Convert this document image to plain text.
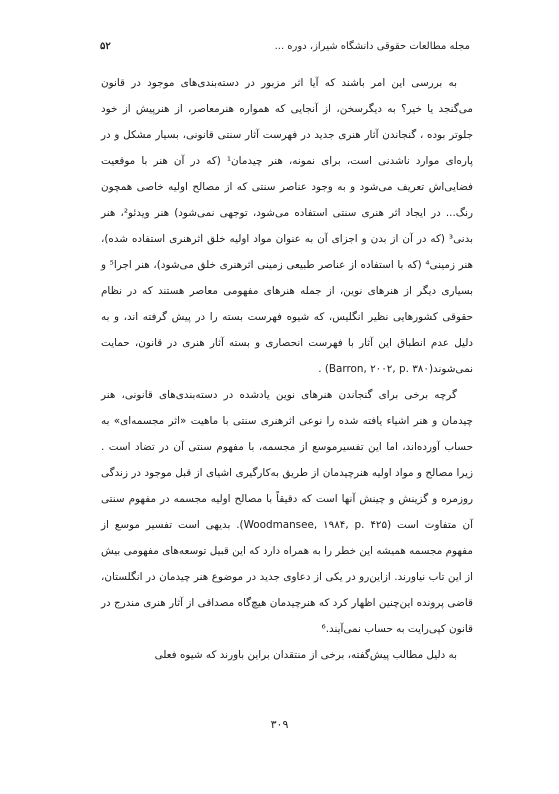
۵۲	مجله مطالعات حقوقی دانشگاه شیراز، دوره ...

به بررسی این امر باشند که آیا اثر مزبور در دسته‌بندی‌های موجود در قانون می‌گنجد یا خیر؟ به دیگرسخن، از آنجایی که همواره هنرمعاصر، از هنرپیش از خود جلوتر بوده ، گنجاندن آثار هنری جدید در فهرست آثار سنتی قانونی، بسیار مشکل و در پاره‌ای موارد ناشدنی است، برای نمونه، هنر چیدمان¹ (که در آن هنر با موقعیت فضایی‌اش تعریف می‌شود و به وجود عناصر سنتی که از مصالح اولیه خاصی همچون رنگ... در ایجاد اثر هنری سنتی استفاده می‌شود، توجهی نمی‌شود) هنر ویدئو²، هنر بدنی³ (که در آن از بدن و اجزای آن به عنوان مواد اولیه خلق اثرهنری استفاده شده)، هنر زمینی⁴ (که با استفاده از عناصر طبیعی زمینی اثرهنری خلق می‌شود)، هنر اجرا⁵ و بسیاری دیگر از هنرهای نوین، از جمله هنرهای مفهومی معاصر هستند که در نظام حقوقی کشورهایی نظیر انگلیس، که شیوه فهرست بسته را در پیش گرفته اند، و به دلیل عدم انطباق این آثار با فهرست انحصاری و بسته آثار هنری در قانون، حمایت نمی‌شوند(Barron, ۲۰۰۲, p. ۳۸۰) .

گرچه برخی برای گنجاندن هنرهای نوین یادشده در دسته‌بندی‌های قانونی، هنر چیدمان و هنر اشیاء یافته شده را نوعی اثرهنری سنتی با ماهیت «اثر مجسمه‌ای» به حساب آورده‌اند، اما این تفسیرموسع از مجسمه، با مفهوم سنتی آن در تضاد است . زیرا مصالح و مواد اولیه هنرچیدمان از طریق به‌کارگیری اشیای از قبل موجود در زندگی روزمره و گزینش و چینش آنها است که دقیقاً با مصالح اولیه مجسمه در مفهوم سنتی آن متفاوت است (Woodmansee, ۱۹۸۴, p. ۴۲۵). بدیهی است تفسیر موسع از مفهوم مجسمه همیشه این خطر را به همراه دارد که این قبیل توسعه‌های مفهومی بیش از این تاب نیاورند. ازاین‌رو در یکی از دعاوی جدید در موضوع هنر چیدمان در انگلستان، قاضی پرونده این‌چنین اظهار کرد که هنرچیدمان هیچ‌گاه مصداقی از آثار هنری مندرج در قانون کپی‌رایت به حساب نمی‌آیند.⁶

به دلیل مطالب پیش‌گفته، برخی از منتقدان براین باورند که شیوه فعلی

۳۰۹
